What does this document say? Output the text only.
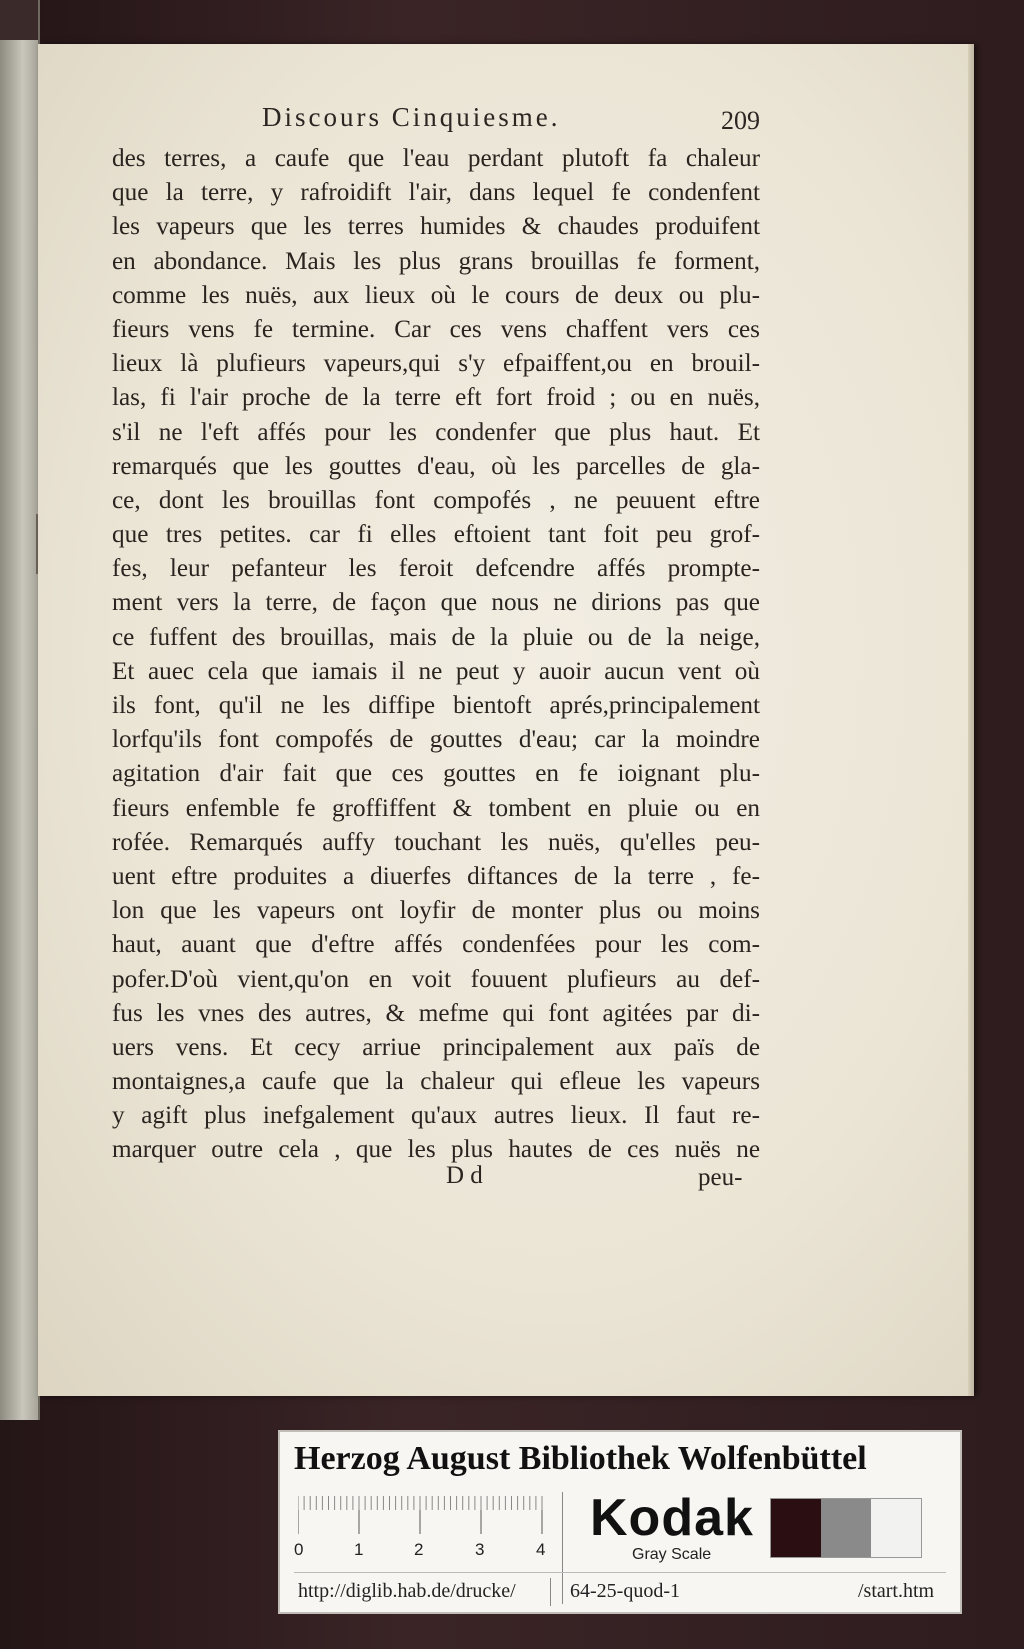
Discours Cinquiesme.	209
des terres, a caufe que l'eau perdant plutoft fa chaleur
que la terre, y rafroidift l'air, dans lequel fe condenfent
les vapeurs que les terres humides & chaudes produifent
en abondance. Mais les plus grans brouillas fe forment,
comme les nuës, aux lieux où le cours de deux ou plu-
fieurs vens fe termine. Car ces vens chaffent vers ces
lieux là plufieurs vapeurs,qui s'y efpaiffent,ou en brouil-
las, fi l'air proche de la terre eft fort froid ; ou en nuës,
s'il ne l'eft affés pour les condenfer que plus haut. Et
remarqués que les gouttes d'eau, où les parcelles de gla-
ce, dont les brouillas font compofés , ne peuuent eftre
que tres petites. car fi elles eftoient tant foit peu grof-
fes, leur pefanteur les feroit defcendre affés prompte-
ment vers la terre, de façon que nous ne dirions pas que
ce fuffent des brouillas, mais de la pluie ou de la neige,
Et auec cela que iamais il ne peut y auoir aucun vent où
ils font, qu'il ne les diffipe bientoft aprés,principalement
lorfqu'ils font compofés de gouttes d'eau; car la moindre
agitation d'air fait que ces gouttes en fe ioignant plu-
fieurs enfemble fe groffiffent & tombent en pluie ou en
rofée. Remarqués auffy touchant les nuës, qu'elles peu-
uent eftre produites a diuerfes diftances de la terre , fe-
lon que les vapeurs ont loyfir de monter plus ou moins
haut, auant que d'eftre affés condenfées pour les com-
pofer.D'où vient,qu'on en voit fouuent plufieurs au def-
fus les vnes des autres, & mefme qui font agitées par di-
uers vens. Et cecy arriue principalement aux païs de
montaignes,a caufe que la chaleur qui efleue les vapeurs
y agift plus inefgalement qu'aux autres lieux. Il faut re-
marquer outre cela , que les plus hautes de ces nuës ne
D d	peu-
Herzog August Bibliothek Wolfenbüttel
0	1	2	3	4
Kodak
Gray Scale
http://diglib.hab.de/drucke/	64-25-quod-1	/start.htm
